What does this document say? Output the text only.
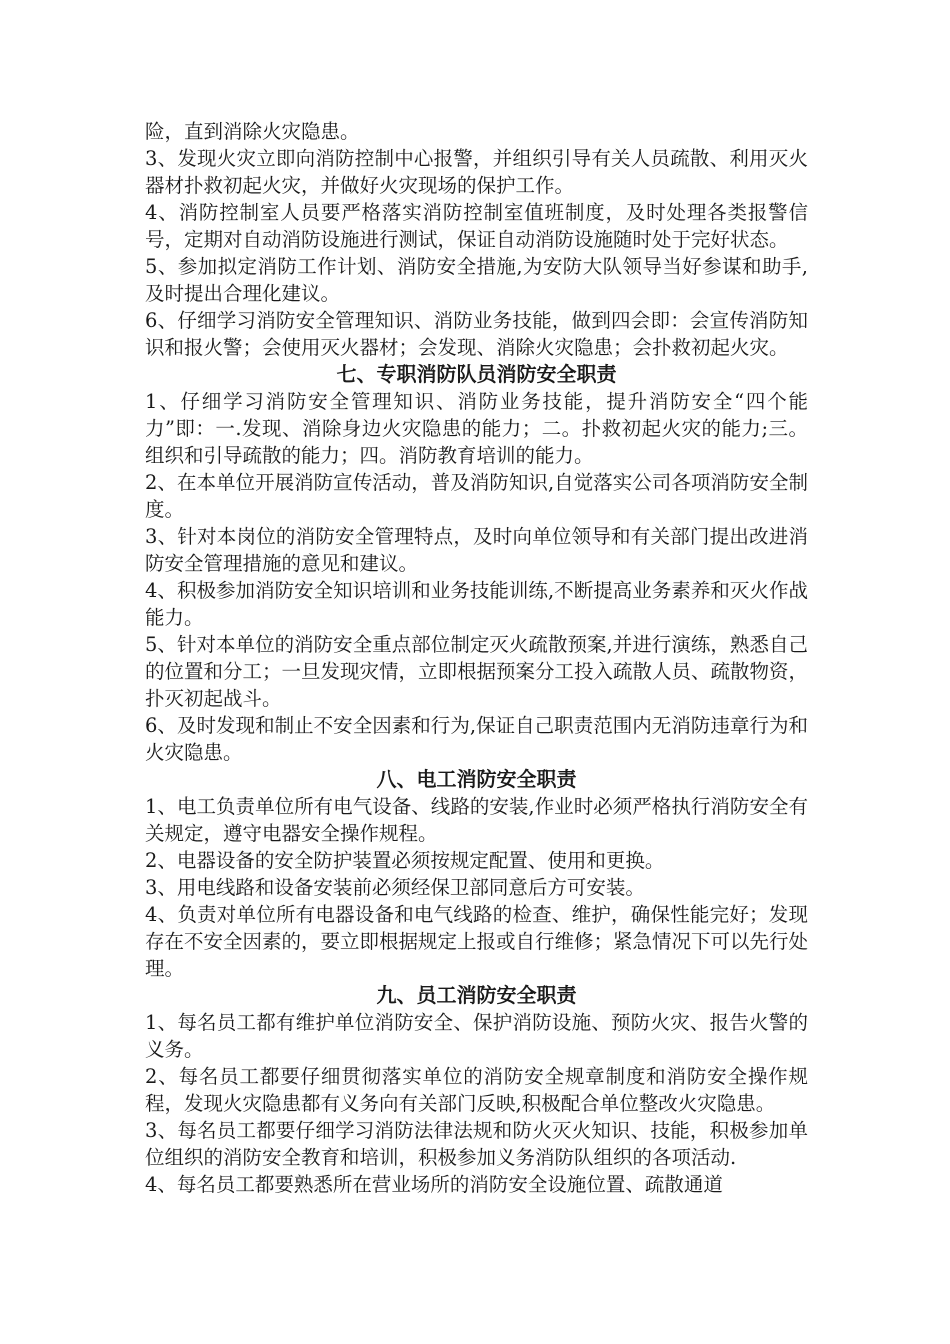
险，直到消除火灾隐患。

3、发现火灾立即向消防控制中心报警，并组织引导有关人员疏散、利用灭火器材扑救初起火灾，并做好火灾现场的保护工作。

4、消防控制室人员要严格落实消防控制室值班制度，及时处理各类报警信号，定期对自动消防设施进行测试，保证自动消防设施随时处于完好状态。

5、参加拟定消防工作计划、消防安全措施,为安防大队领导当好参谋和助手,及时提出合理化建议。

6、仔细学习消防安全管理知识、消防业务技能，做到四会即：会宣传消防知识和报火警；会使用灭火器材；会发现、消除火灾隐患；会扑救初起火灾。

七、专职消防队员消防安全职责

1、仔细学习消防安全管理知识、消防业务技能，提升消防安全“四个能力”即：一.发现、消除身边火灾隐患的能力；二。扑救初起火灾的能力;三。组织和引导疏散的能力；四。消防教育培训的能力。

2、在本单位开展消防宣传活动，普及消防知识,自觉落实公司各项消防安全制度。

3、针对本岗位的消防安全管理特点，及时向单位领导和有关部门提出改进消防安全管理措施的意见和建议。

4、积极参加消防安全知识培训和业务技能训练,不断提高业务素养和灭火作战能力。

5、针对本单位的消防安全重点部位制定灭火疏散预案,并进行演练，熟悉自己的位置和分工；一旦发现灾情，立即根据预案分工投入疏散人员、疏散物资，扑灭初起战斗。

6、及时发现和制止不安全因素和行为,保证自己职责范围内无消防违章行为和火灾隐患。

八、电工消防安全职责

1、电工负责单位所有电气设备、线路的安装,作业时必须严格执行消防安全有关规定，遵守电器安全操作规程。

2、电器设备的安全防护装置必须按规定配置、使用和更换。

3、用电线路和设备安装前必须经保卫部同意后方可安装。

4、负责对单位所有电器设备和电气线路的检查、维护，确保性能完好；发现存在不安全因素的，要立即根据规定上报或自行维修；紧急情况下可以先行处理。

九、员工消防安全职责

1、每名员工都有维护单位消防安全、保护消防设施、预防火灾、报告火警的义务。

2、每名员工都要仔细贯彻落实单位的消防安全规章制度和消防安全操作规程，发现火灾隐患都有义务向有关部门反映,积极配合单位整改火灾隐患。

3、每名员工都要仔细学习消防法律法规和防火灭火知识、技能，积极参加单位组织的消防安全教育和培训，积极参加义务消防队组织的各项活动.

4、每名员工都要熟悉所在营业场所的消防安全设施位置、疏散通道
